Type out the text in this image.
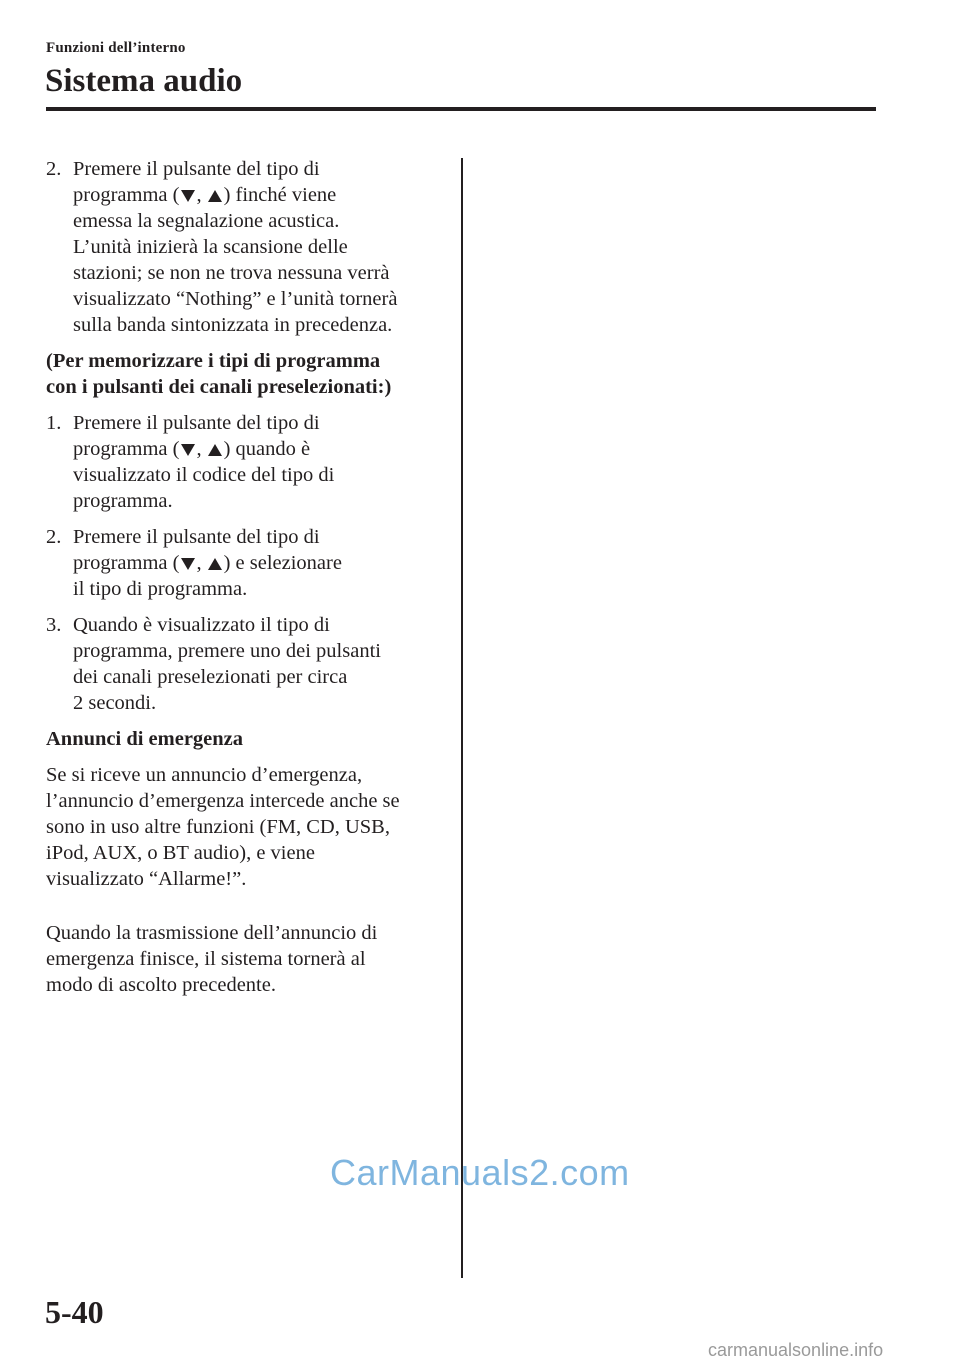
Funzioni dell’interno
Sistema audio
2. Premere il pulsante del tipo di
programma ( , ) finché viene
emessa la segnalazione acustica.
L’unità inizierà la scansione delle
stazioni; se non ne trova nessuna verrà
visualizzato “Nothing” e l’unità tornerà
sulla banda sintonizzata in precedenza.
(Per memorizzare i tipi di programma
con i pulsanti dei canali preselezionati:)
1. Premere il pulsante del tipo di
programma ( , ) quando è
visualizzato il codice del tipo di
programma.
2. Premere il pulsante del tipo di
programma ( , ) e selezionare
il tipo di programma.
3. Quando è visualizzato il tipo di
programma, premere uno dei pulsanti
dei canali preselezionati per circa
2 secondi.
Annunci di emergenza
Se si riceve un annuncio d’emergenza,
l’annuncio d’emergenza intercede anche se
sono in uso altre funzioni (FM, CD, USB,
iPod, AUX, o BT audio), e viene
visualizzato “Allarme!”.
Quando la trasmissione dell’annuncio di
emergenza finisce, il sistema tornerà al
modo di ascolto precedente.
CarManuals2.com
5-40
carmanualsonline.info
